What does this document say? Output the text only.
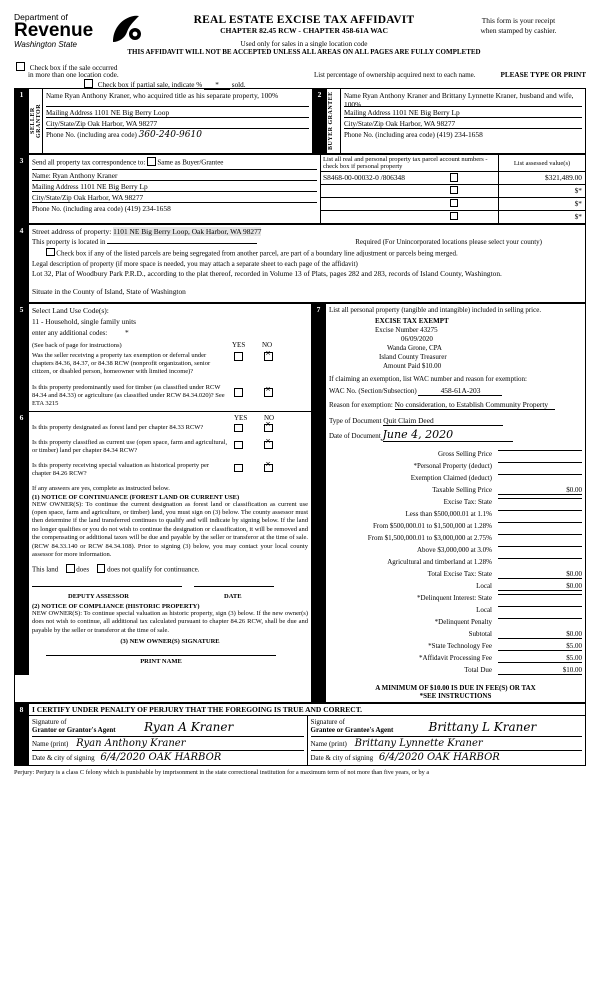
Department of
Revenue
Washington State
REAL ESTATE EXCISE TAX AFFIDAVIT
CHAPTER 82.45 RCW - CHAPTER 458-61A WAC
This form is your receipt
when stamped by cashier.
Used only for sales in a single location code
THIS AFFIDAVIT WILL NOT BE ACCEPTED UNLESS ALL AREAS ON ALL PAGES ARE FULLY COMPLETED
Check box if the sale occurred
in more than one location code.
Check box if partial sale, indicate % * sold.
List percentage of ownership acquired next to each name.	PLEASE TYPE OR PRINT
1	
SELLER GRANTOR

Name Ryan Anthony Kraner, who acquired title as his separate property, 100%
Mailing Address 1101 NE Big Berry Loop
City/State/Zip Oak Harbor, WA 98277
Phone No. (including area code) 360-240-9610
	2	BUYER GRANTEE	Name Ryan Anthony Kraner and Brittany Lynnette Kraner, husband and wife, 100%
Mailing Address 1101 NE Big Berry Lp
City/State/Zip Oak Harbor, WA 98277
Phone No. (including area code) (419) 234-1658
3	Send all property tax correspondence to: Same as Buyer/Grantee
Name: Ryan Anthony Kraner
Mailing Address 1101 NE Big Berry Lp
City/State/Zip Oak Harbor, WA 98277
Phone No. (including area code) (419) 234-1658

List all real and personal property tax parcel account numbers - check box if personal property	List assessed value(s)
S8468-00-00032-0 /806348		$321,489.00
		$*
		$*
		$*
4	Street address of property: 1101 NE Big Berry Loop, Oak Harbor, WA 98277
This property is located in	Required (For Unincorporated locations please select your county)
Check box if any of the listed parcels are being segregated from another parcel, are part of a boundary line adjustment or parcels being merged.
Legal description of property (if more space is needed, you may attach a separate sheet to each page of the affidavit)
Lot 32, Plat of Woodbury Park P.R.D., according to the plat thereof, recorded in Volume 13 of Plats, pages 282 and 283, records of Island County, Washington.
Situate in the County of Island, State of Washington
5	Select Land Use Code(s):
11 - Household, single family units
enter any additional codes: *
(See back of page for instructions)	YES NO
Was the seller receiving a property tax exemption or deferral under chapters 84.36, 84.37, or 84.38 RCW (nonprofit organization, senior citizen, or disabled person, homeowner with limited income)?
×
Is this property predominantly used for timber (as classified under RCW 84.34 and 84.33) or agriculture (as classified under RCW 84.34.020)? See ETA 3215
×
6	YES NO
Is this property designated as forest land per chapter 84.33 RCW?
×
Is this property classified as current use (open space, farm and agricultural, or timber) land per chapter 84.34 RCW?
×
Is this property receiving special valuation as historical property per chapter 84.26 RCW?
×
If any answers are yes, complete as instructed below.
(1) NOTICE OF CONTINUANCE (FOREST LAND OR CURRENT USE)
NEW OWNER(S): To continue the current designation as forest land or classification as current use (open space, farm and agriculture, or timber) land, you must sign on (3) below. The county assessor must then determine if the land transferred continues to qualify and will indicate by signing below. If the land no longer qualifies or you do not wish to continue the designation or classification, it will be removed and the compensating or additional taxes will be due and payable by the seller or transferor at the time of sale. (RCW 84.33.140 or RCW 84.34.108). Prior to signing (3) below, you may contact your local county assessor for more information.
This land	does	does not qualify for continuance.

DEPUTY ASSESSOR	DATE
(2) NOTICE OF COMPLIANCE (HISTORIC PROPERTY)
NEW OWNER(S): To continue special valuation as historic property, sign (3) below. If the new owner(s) does not wish to continue, all additional tax calculated pursuant to chapter 84.26 RCW, shall be due and payable by the seller or transferor at the time of sale.
(3) NEW OWNER(S) SIGNATURE
PRINT NAME

7	List all personal property (tangible and intangible) included in selling price.
EXCISE TAX EXEMPT
Excise Number 43275
06/09/2020
Wanda Grone, CPA
Island County Treasurer
Amount Paid $10.00
If claiming an exemption, list WAC number and reason for exemption:
WAC No. (Section/Subsection)	458-61A-203
Reason for exemption: No consideration, to Establish Community Property
Type of Document Quit Claim Deed
Date of Document June 4, 2020
Gross Selling Price
*Personal Property (deduct)
Exemption Claimed (deduct)
Taxable Selling Price	$0.00
Excise Tax: State
Less than $500,000.01 at 1.1%
From $500,000.01 to $1,500,000 at 1.28%
From $1,500,000.01 to $3,000,000 at 2.75%
Above $3,000,000 at 3.0%
Agricultural and timberland at 1.28%
Total Excise Tax: State	$0.00
Local	$0.00
*Delinquent Interest: State
Local
*Delinquent Penalty
Subtotal	$0.00
*State Technology Fee	$5.00
*Affidavit Processing Fee	$5.00
Total Due	$10.00
A MINIMUM OF $10.00 IS DUE IN FEE(S) OR TAX
*SEE INSTRUCTIONS
8	I CERTIFY UNDER PENALTY OF PERJURY THAT THE FOREGOING IS TRUE AND CORRECT.
Signature of
Grantor or Grantor's Agent Ryan A Kraner
Name (print) Ryan Anthony Kraner
Date & city of signing 6/4/2020 OAK HARBOR

Signature of
Grantee or Grantee's Agent	Brittany L Kraner
Name (print) Brittany Lynnette Kraner
Date & city of signing 6/4/2020 OAK HARBOR
Perjury: Perjury is a class C felony which is punishable by imprisonment in the state correctional institution for a maximum term of not more than five years, or by a
